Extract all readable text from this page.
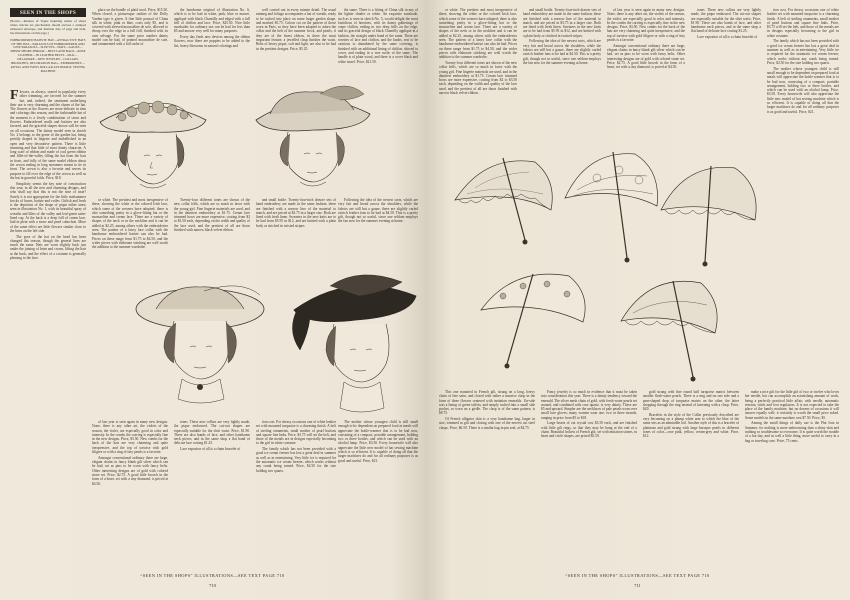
SEEN IN THE SHOPS
[Notice:—Readers of Vogue inquiring names of shops where articles are purchasable should enclose a stamped addressed envelope, and mention date of page and item. See illustrations on this page.]
EMBROIDERED BATISTE HAT—ATTRACTIVE HATS OF THE HAT—PARASOLS OF EMBROIDERED AND LINE PARASOLS—SLEEVES—HATS—GAUZE—SHEER SHORT-THROAT—BELTS AND BAGS—ROSE LEATHER—IN LEATHER BELTS—SILK—DELAWARE—NEW JEWELRY—COLLARS, BROOCHES, DECORATION BAG—EMBROIDERY—ROYAL AND SWISS DOLLAR AUTOMATIC SEWING MACHINE

Flowers, as always, seared in popularity every other trimming, are favored for the summer hat, and, indeed, the sentiment underlying their use is very charming and the charm of the hat. The flowers in the flowers are more delicate in tints and colorings this season, and the fashionable hat of the moment is a lovely combination of straw and flowers. Embroidered mulls and batistes are also favored, and the graceful shapes shown will be seen on all occasions. The dainty model seen in sketch No. 2 belongs to the genre of the garden hat, being prettily draped in lingerie and embellished in an open and very decorative pattern. There is little trimming and that little of most dainty character. A long scarf of ribbon and made of cool green ribbon and fillet-of-the-valley filling the hat from the hair in front, and fully of the same model ribbon about the crown ending in long streamers meant to tie in front. The crown is also a favorite and serves its purpose to fill over the edge of the crown as well as the hat in graceful folds. Price, $18.

Simplicity seems the key note of construction this year, in all the new and charming designs, and who shall say that this is not the note of taste? Surely it is not appropriate for the little midsummer frocks of lawns, batiste and voiles. Girlish and fresh is the depiction of the shape of pique either straw seen in illustration No. 1, with its beautiful spray of wreaths and lilies of the valley and leaf-green satin-lined cap. At the back is a deep frill of cream lace, laid in pleat with a straw and pearl cabochon. More of the same effect are little flowers similar close to the brim on the left side.

The pose of the hat on the head has been changed this season, though the general lines are much the same. Hats are worn slightly back just under the joining of brim and crown, lifting the hair at the back, and the effect of a costume is generally pleasing to the face.

place on the handle of plaid wool. Price, $15.50. When closed, a picturesque outline of the Dolly Varden type is given. A fine little parasol of China silk in white, pink or blue, costs only $5, and is covered with sleeved mousseline de soie, allowed to droop over the edge in a full frill, finished with its own selvage. For the same price another dainty model can be had, of printed mousseline de soie, and ornamented with a full ruche of

the handsome original of illustration No. 6, which is to be had in white, pink, blue or mauve, appliqué with black Chantilly and edged with a full frill of chiffon and lace. Price, $25.50. Nice little sunshades for ordinary use can be had for less than $5 and answer very well for many purposes.

Every day finds new devices among the ribbon flowers; now there are poppies to be added to the list, heavy blossoms in natural colorings and

well carried out in every minute detail. The usual nutmeg and foliage accompanies a hat of wreath, ready to be tucked into place on some larger garden shape, and marked $5.75. Colour cut on the pattern of those worn in Paris, so they have been adapted to adorn the collar and the belt of the summer frock, and pearls, if they are of the finest ribbon, in these the most important feature, a jewelled clasp finishes the waist. Belts of heavy pique, soft and light, are also to be had in the prettiest designs. Price, $5.25.

the same. There is a fitting of China silk in any of the lighter shades or white. An exquisite sunshade, such as is seen in sketch No. 5, would delight the most fastidious of heroines, with its dainty gatherings of crepe chiffon, ending in two deep frills on the edge, and its graceful design of black Chantilly appliqué in a fashion, the straight under band of the same. There are rosettes of lace and chiffon, and the knobs, rest to be cautious to abandoned by the same covering, is finished with an additional lining of chiffon, shirred to cover, and ending in a wee ruche of the same. The handle is of plain wood, and there is a cover black and white tassel. Price, $21.50.

or white. The prettiest and most inexpensive of these, showing the white or the colored Irish lace, which some of the wearers have adopted; there is also something pretty in a glove-fitting hat or the mousseline and cream lace. There are a variety of shapes of the neck or in the neckline and it can be added at $2.25, among others with the embroideries seen. The pattern of a fancy lace collar with the handsome embroidered batiste can also be had. Prices on these range from $1.75 to $4.50, and the wider pieces with elaborate stitching are well worth the addition to the summer wardrobe.

Twenty-four different tones are shown of the new collar frills, which are so much in favor with the young girl. Fine lingerie materials are used, and in the daintiest embroidery at $1.75. Cream lace trimmed bows are more expensive, costing from $2 to $3.50 each, depending on the width and quality of the lace used, and the prettiest of all are those finished with narrow black velvet ribbon.

and small bottle. Twenty-four-inch drawer sets of hand embroidery are made in the same fashion; these are finished with a narrow line of the material to match, and are priced at $3.75 in a larger size. Both are lined with fresh linen. Sweaters in the new knits are to be had from $5.95 in $12, and are knitted with a plain body or stitched in twisted stripes.

Following the idea of the newest sorts, which are very fair and broad across the shoulders, while the fabrics are still but a gauze, there are slightly curled ostrich feather fans to be had at $4.50. This is a pretty gift, though not so useful, since one seldom employs the fan now for the summer evening at home.

of last year is seen again in many new designs. None, there is any other art, the violets of the season, the violet, are especially good in color and intensity. In the combs the carving is especially fine in the new designs. Price, $3.50. New combs for the back of the hair are very charming and quite inexpensive, and the top of tortoise with gold filigree or with a ring of tiny pearls is a favorite.

Amongst conventional ordinary there are large, elegant chains in fancy blank gilt silver which can be had, set as pins to be worn with fancy belts. Other interesting designs are of gold with colored stone set. Price, $2.75. A good little brooch in the form of a heart, set with a tiny diamond, is priced at $4.50.

tones. These new collars are very lightly made, the pique embossed. The cut-out shapes are especially suitable for the shirt waist. Price, $1.90. There are also bands of lace, and other handsome neck pieces, and in the same shop a flat band of delicate lace costing $1.25.

Lace expositor of all is a chain bracelet of

tion cost. For dressy occasions one of white leather set with mounted turquoise is a charming finish. A belt of sterling ornaments, small mother of pearl buttons and square fine links. Price, $3.75 will set the belt, and those of the metals are in designs especially becoming to the girl in white costume.

The family which has not been provided with a good ice cream freezer has lost a great deal in summer as well as in entertaining. Very little ice is required for the automatic ice cream freezer, which works without any crank being turned. Price, $2.50 for the size holding two quarts.

The mother whose youngest child is still small enough to be dependent on prepared food at meals will appreciate the bottle-warmer that is to be had now, consisting of a compact, portable arrangement, holding two or three bottles, and which can be used with an alcohol lamp. Price, $3.50. Every housewife will also appreciate the little new model of hat sewing machine which is so efficient. It is capable of doing all that the larger machines do and for all ordinary purposes is as good and useful. Price, $21.

“SEEN IN THE SHOPS” ILLUSTRATIONS—SEE TEXT PAGE 710
710

or white. The prettiest and most inexpensive of these, showing the white or the colored Irish lace, which some of the wearers have adopted; there is also something pretty in a glove-fitting hat or the mousseline and cream lace. There are a variety of shapes of the neck or in the neckline and it can be added at $2.25, among others with the embroideries seen. The pattern of a fancy lace collar with the handsome embroidered batiste can also be had. Prices on these range from $1.75 to $4.50, and the wider pieces with elaborate stitching are well worth the addition to the summer wardrobe.

Twenty-four different tones are shown of the new collar frills, which are so much in favor with the young girl. Fine lingerie materials are used, and in the daintiest embroidery at $1.75. Cream lace trimmed bows are more expensive, costing from $2 to $3.50 each, depending on the width and quality of the lace used, and the prettiest of all are those finished with narrow black velvet ribbon.

and small bottle. Twenty-four-inch drawer sets of hand embroidery are made in the same fashion; these are finished with a narrow line of the material to match, and are priced at $3.75 in a larger size. Both are lined with fresh linen. Sweaters in the new knits are to be had from $5.95 in $12, and are knitted with a plain body or stitched in twisted stripes.

Following the idea of the newest sorts, which are very fair and broad across the shoulders, while the fabrics are still but a gauze, there are slightly curled ostrich feather fans to be had at $4.50. This is a pretty gift, though not so useful, since one seldom employs the fan now for the summer evening at home.

of last year is seen again in many new designs. None, there is any other art, the violets of the season, the violet, are especially good in color and intensity. In the combs the carving is especially fine in the new designs. Price, $3.50. New combs for the back of the hair are very charming and quite inexpensive, and the top of tortoise with gold filigree or with a ring of tiny pearls is a favorite.

Amongst conventional ordinary there are large, elegant chains in fancy blank gilt silver which can be had, set as pins to be worn with fancy belts. Other interesting designs are of gold with colored stone set. Price, $2.75. A good little brooch in the form of a heart, set with a tiny diamond, is priced at $4.50.

tones. These new collars are very lightly made, the pique embossed. The cut-out shapes are especially suitable for the shirt waist. Price, $1.90. There are also bands of lace, and other handsome neck pieces, and in the same shop a flat band of delicate lace costing $1.25.

Lace expositor of all is a chain bracelet of

tion cost. For dressy occasions one of white leather set with mounted turquoise is a charming finish. A belt of sterling ornaments, small mother of pearl buttons and square fine links. Price, $3.75 will set the belt, and those of the metals are in designs especially becoming to the girl in white costume.

The family which has not been provided with a good ice cream freezer has lost a great deal in summer as well as in entertaining. Very little ice is required for the automatic ice cream freezer, which works without any crank being turned. Price, $2.50 for the size holding two quarts.

The mother whose youngest child is still small enough to be dependent on prepared food at meals will appreciate the bottle-warmer that is to be had now, consisting of a compact, portable arrangement, holding two or three bottles, and which can be used with an alcohol lamp. Price, $3.50. Every housewife will also appreciate the little new model of hat sewing machine which is so efficient. It is capable of doing all that the larger machines do and for all ordinary purposes is as good and useful. Price, $21.

This one mounted in French gilt, strung on a long, heavy chain of fine satin, and closed with rather a massive clasp in the form of three flowers centered with imitation emeralds. Un-side was a lining of green taffeta, and simply tucked into a small side pocket, or worn on a girdle. The clasp is of the same pattern, is $8.75.

Of French alligator skin is a very handsome bag, larger in size, trimmed in gilt and closing with one of the newest cut steel clasps. Price, $6.50. There is a similar bag in pin seal, at $4.75.

Fancy jewelry is so much in evidence that it must be taken into consideration this year. There is a dainty tendency toward the emerald. The silver mesh chain of gold, with fresh-water pearls set around, and combined with rose quartz, is very dainty. These are $5 and upward. Simpler are the necklaces of pale pearls worn over small lace gloves; many women wear one, two or three strands, ranging in price from $5 to $18.

Large hearts of cut crystal cost $3.50 each, and are finished with little gilt rings, so that they may be hung at the end of a chain. Beautiful lockets of French gilt, set with imitation stones, in heart and circle shapes, are priced $5.50.

gold strung with fine round ball turquoise matrix between smaller flush-water pearls. There is a ring and on one side and a pear-shaped drop of turquoise matrix on the other, the latter dropping through the ring instead of fastening with a clasp. Price, $20.

Bracelets in the style of the Collar previously described are very becoming on a plump white arm to which the blue of the same sets as an admirable foil. Another style of this is a bracelet of platinum and gold strung with large baroque pearls in different tones of color—rose pink, yellow, cream-grey and white. Price, $12.

make a nice gift for the little girl of two or twelve who loves her needle, but can accomplish an astonishing amount of work, being a perfectly practical little affair, with needle, automatic tension, stitch and foot regulators. It is not expected to take the place of the family machine, but on dozens of occasions it will answer equally well; it certainly is worth the small price asked. Some models in the same machine cost $7.50. Price, $5.

Among the small things of daily use is the Flat Iron in Summer, for nothing is more unbecoming than a shiny skin and nothing so troublesome to overcome. It is quite worth the trouble of a hot day, and as well a little thing, more useful to carry in a bag or traveling case. Price, 75 cents.

“SEEN IN THE SHOPS” ILLUSTRATIONS—SEE TEXT PAGE 710
711
